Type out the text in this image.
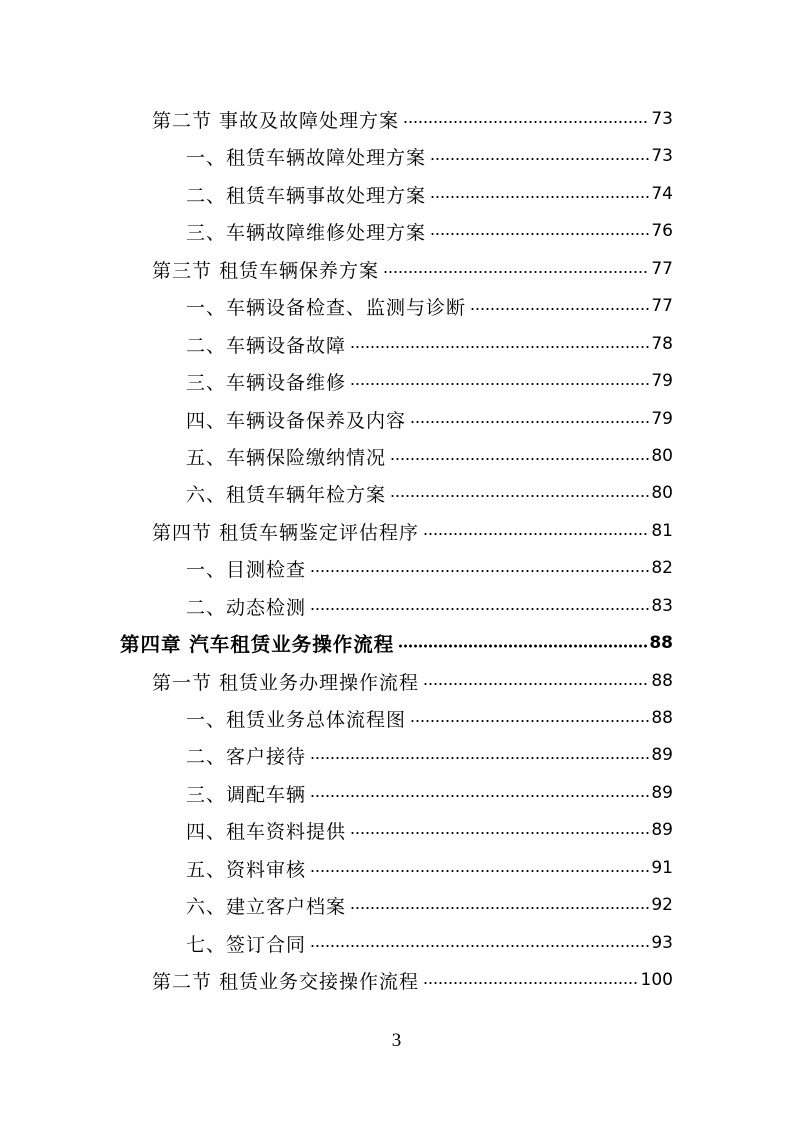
第二节 事故及故障处理方案	73
一、租赁车辆故障处理方案	73
二、租赁车辆事故处理方案	74
三、车辆故障维修处理方案	76
第三节 租赁车辆保养方案	77
一、车辆设备检查、监测与诊断	77
二、车辆设备故障	78
三、车辆设备维修	79
四、车辆设备保养及内容	79
五、车辆保险缴纳情况	80
六、租赁车辆年检方案	80
第四节 租赁车辆鉴定评估程序	81
一、目测检查	82
二、动态检测	83
第四章 汽车租赁业务操作流程	88
第一节 租赁业务办理操作流程	88
一、租赁业务总体流程图	88
二、客户接待	89
三、调配车辆	89
四、租车资料提供	89
五、资料审核	91
六、建立客户档案	92
七、签订合同	93
第二节 租赁业务交接操作流程	100
3
